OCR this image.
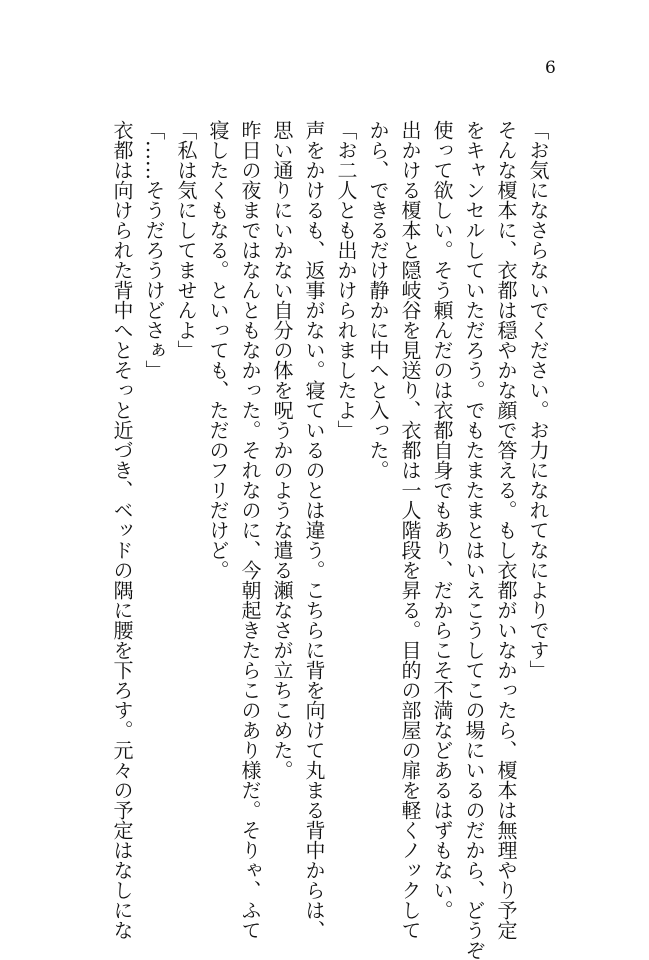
6

「お気になさらないでください。お力になれてなによりです」

そんな榎本に、衣都は穏やかな顔で答える。もし衣都がいなかったら、榎本は無理やり予定

をキャンセルしていただろう。でもたまたまとはいえこうしてこの場にいるのだから、どうぞ

使って欲しい。そう頼んだのは衣都自身でもあり、だからこそ不満などあるはずもない。

出かける榎本と隠岐谷を見送り、衣都は一人階段を昇る。目的の部屋の扉を軽くノックして

から、できるだけ静かに中へと入った。

「お二人とも出かけられましたよ」

声をかけるも、返事がない。寝ているのとは違う。こちらに背を向けて丸まる背中からは、

思い通りにいかない自分の体を呪うかのような遣る瀬なさが立ちこめた。

昨日の夜まではなんともなかった。それなのに、今朝起きたらこのあり様だ。そりゃ、ふて

寝したくもなる。といっても、ただのフリだけど。

「私は気にしてませんよ」

「……そうだろうけどさぁ」

衣都は向けられた背中へとそっと近づき、ベッドの隅に腰を下ろす。元々の予定はなしにな
